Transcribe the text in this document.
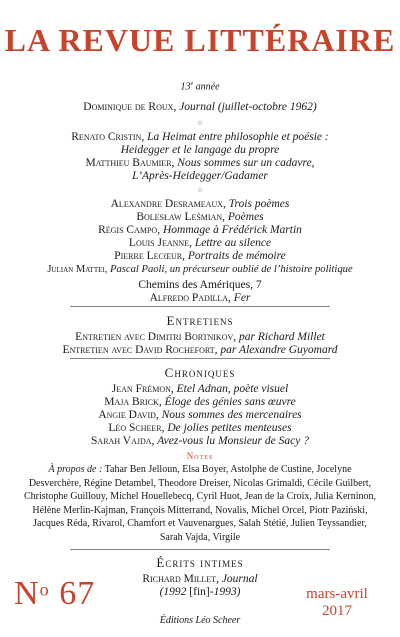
LA REVUE LITTÉRAIRE
13e année
Dominique de Roux, Journal (juillet-octobre 1962)
☆
Renato Cristin, La Heimat entre philosophie et poésie :
Heidegger et le langage du propre
Matthieu Baumier, Nous sommes sur un cadavre,
L’Après-Heidegger/Gadamer
☆
Alexandre Desrameaux, Trois poèmes
Bolesław Leśmian, Poèmes
Régis Campo, Hommage à Frédérick Martin
Louis Jeanne, Lettre au silence
Pierre Lecœur, Portraits de mémoire
Julian Mattei, Pascal Paoli, un précurseur oublié de l’histoire politique
Chemins des Amériques, 7
Alfredo Padilla, Fer
Entretiens
Entretien avec Dimitri Bortnikov, par Richard Millet
Entretien avec David Rochefort, par Alexandre Guyomard
Chroniques
Jean Frémon, Etel Adnan, poète visuel
Maja Brick, Éloge des génies sans œuvre
Angie David, Nous sommes des mercenaires
Léo Scheer, De jolies petites menteuses
Sarah Vajda, Avez-vous lu Monsieur de Sacy ?
Notes
À propos de : Tahar Ben Jelloun, Elsa Boyer, Astolphe de Custine, Jocelyne Desverchère, Régine Detambel, Theodore Dreiser, Nicolas Grimaldi, Cécile Guilbert, Christophe Guillouy, Michel Houellebecq, Cyril Huot, Jean de la Croix, Julia Kerninon, Hélène Merlin-Kajman, François Mitterrand, Novalis, Michel Orcel, Piotr Paziński, Jacques Réda, Rivarol, Chamfort et Vauvenargues, Salah Stétié, Julien Teyssandier, Sarah Vajda, Virgile
Écrits intimes
Richard Millet, Journal
(1992 [fin]-1993)
$N^o$ 67	mars-avril
2017
Éditions Léo Scheer
